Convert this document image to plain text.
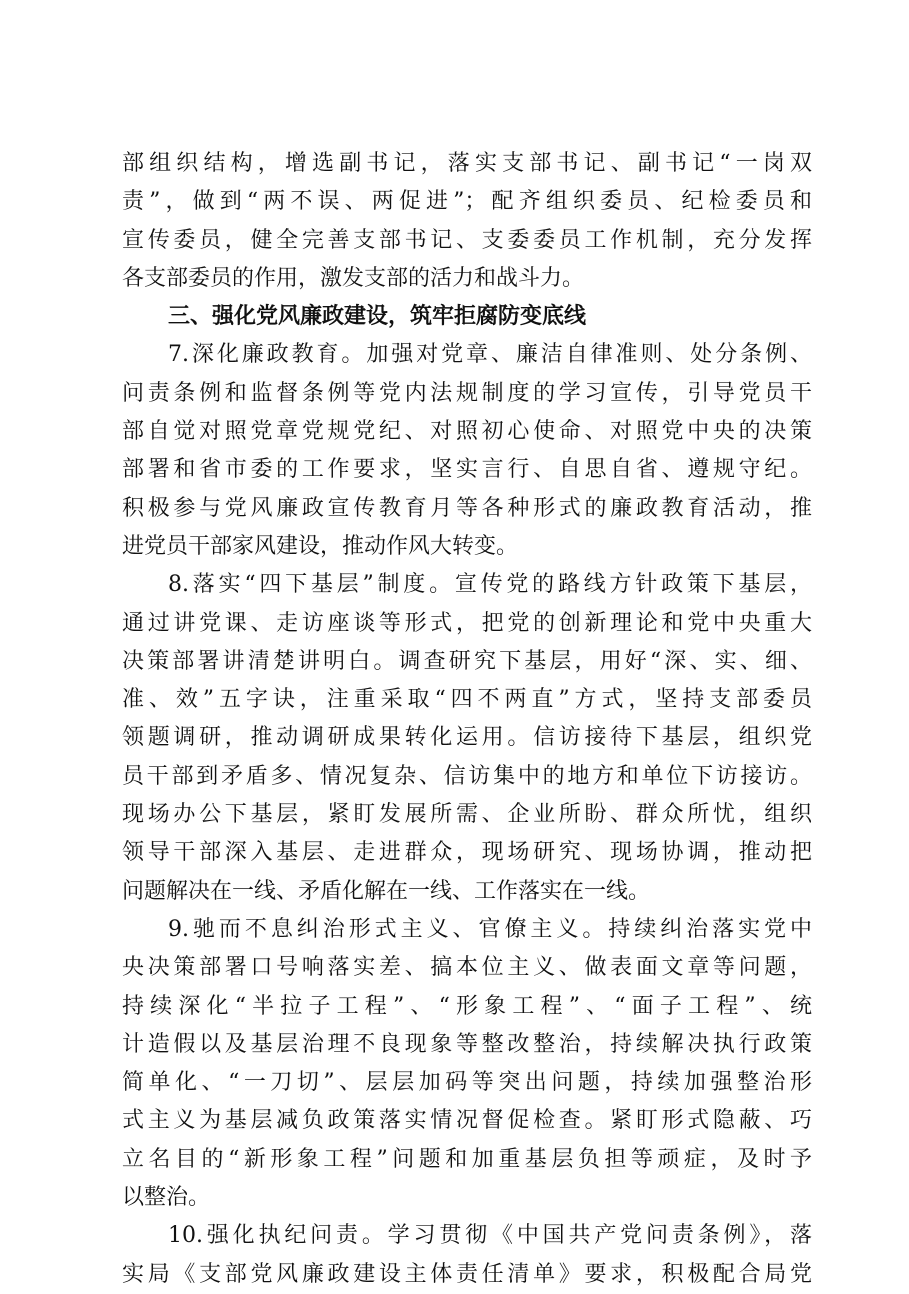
部组织结构，增选副书记，落实支部书记、副书记“一岗双
责”，做到“两不误、两促进”；配齐组织委员、纪检委员和
宣传委员，健全完善支部书记、支委委员工作机制，充分发挥
各支部委员的作用，激发支部的活力和战斗力。
三、强化党风廉政建设，筑牢拒腐防变底线
7.深化廉政教育。加强对党章、廉洁自律准则、处分条例、
问责条例和监督条例等党内法规制度的学习宣传，引导党员干
部自觉对照党章党规党纪、对照初心使命、对照党中央的决策
部署和省市委的工作要求，坚实言行、自思自省、遵规守纪。
积极参与党风廉政宣传教育月等各种形式的廉政教育活动，推
进党员干部家风建设，推动作风大转变。
8.落实“四下基层”制度。宣传党的路线方针政策下基层，
通过讲党课、走访座谈等形式，把党的创新理论和党中央重大
决策部署讲清楚讲明白。调查研究下基层，用好“深、实、细、
准、效”五字诀，注重采取“四不两直”方式，坚持支部委员
领题调研，推动调研成果转化运用。信访接待下基层，组织党
员干部到矛盾多、情况复杂、信访集中的地方和单位下访接访。
现场办公下基层，紧盯发展所需、企业所盼、群众所忧，组织
领导干部深入基层、走进群众，现场研究、现场协调，推动把
问题解决在一线、矛盾化解在一线、工作落实在一线。
9.驰而不息纠治形式主义、官僚主义。持续纠治落实党中
央决策部署口号响落实差、搞本位主义、做表面文章等问题，
持续深化“半拉子工程”、“形象工程”、“面子工程”、统
计造假以及基层治理不良现象等整改整治，持续解决执行政策
简单化、“一刀切”、层层加码等突出问题，持续加强整治形
式主义为基层减负政策落实情况督促检查。紧盯形式隐蔽、巧
立名目的“新形象工程”问题和加重基层负担等顽症，及时予
以整治。
10.强化执纪问责。学习贯彻《中国共产党问责条例》，落
实局《支部党风廉政建设主体责任清单》要求，积极配合局党
